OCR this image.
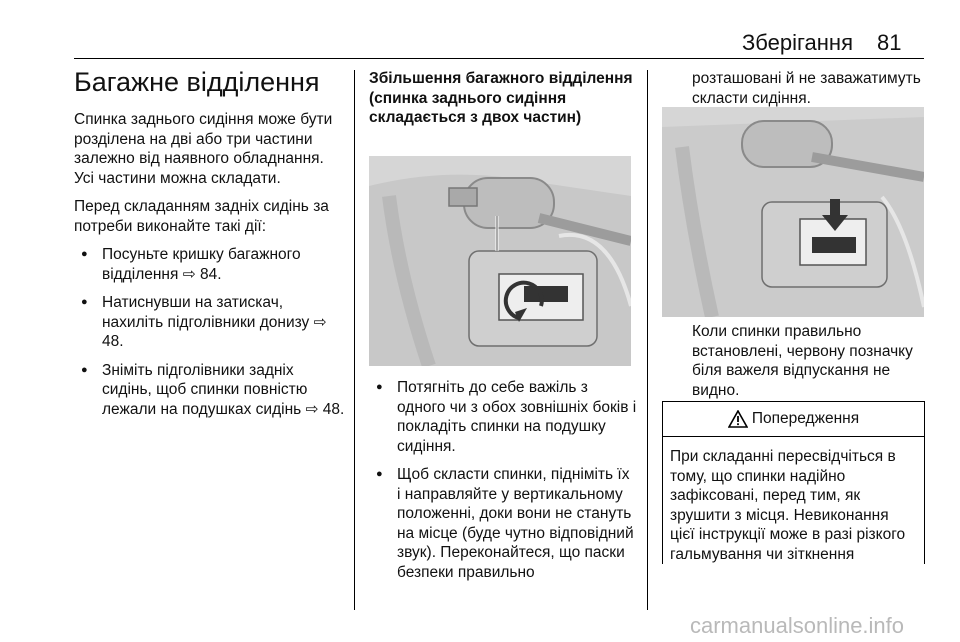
Зберігання 81
Багажне відділення

Спинка заднього сидіння може бути розділена на дві або три частини залежно від наявного обладнання. Усі частини можна складати.

Перед складанням задніх сидінь за потреби виконайте такі дії:

● Посуньте кришку багажного відділення ⇨ 84.
● Натиснувши на затискач, нахиліть підголівники донизу ⇨ 48.
● Зніміть підголівники задніх сидінь, щоб спинки повністю лежали на подушках сидінь ⇨ 48.
Збільшення багажного відділення (спинка заднього сидіння складається з двох частин)
● Потягніть до себе важіль з одного чи з обох зовнішніх боків і покладіть спинки на подушку сидіння.
● Щоб скласти спинки, підніміть їх і направляйте у вертикальному положенні, доки вони не стануть на місце (буде чутно відповідний звук). Переконайтеся, що паски безпеки правильно

розташовані й не заважатимуть скласти сидіння.

Коли спинки правильно встановлені, червону позначку біля важеля відпускання не видно.

Попередження
При складанні пересвідчіться в тому, що спинки надійно зафіксовані, перед тим, як зрушити з місця. Невиконання цієї інструкції може в разі різкого гальмування чи зіткнення
carmanualsonline.info
